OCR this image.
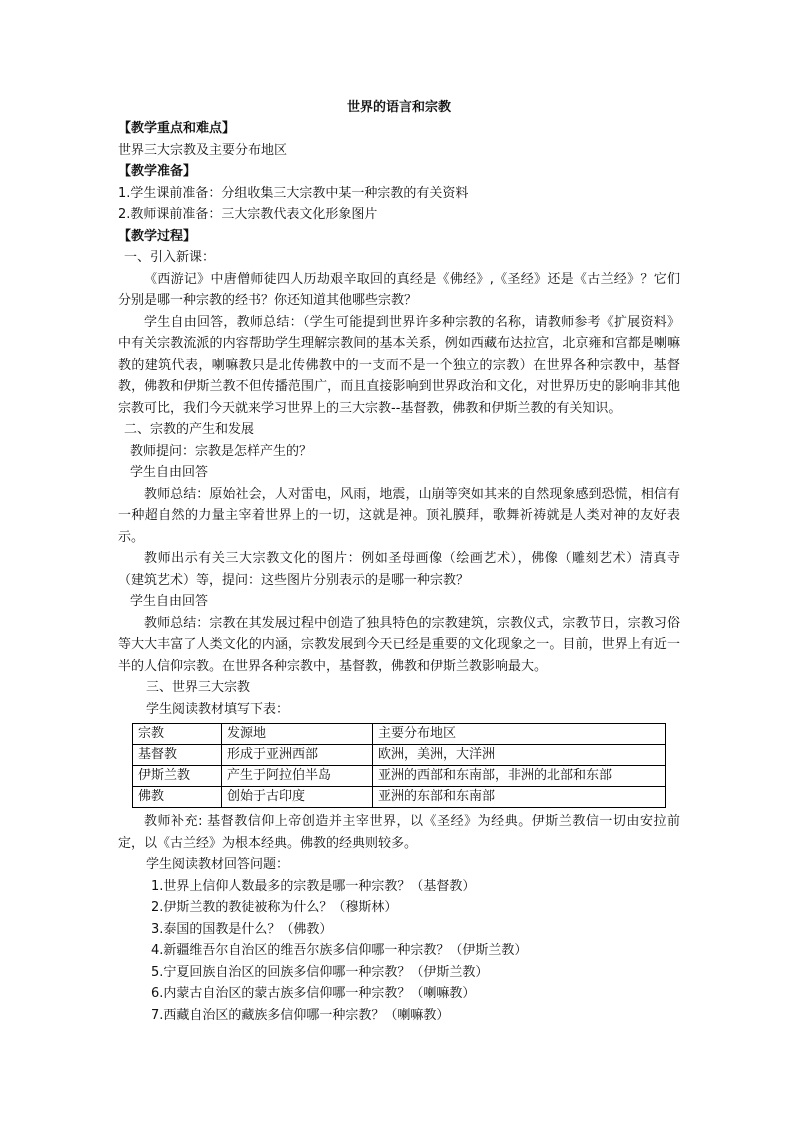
世界的语言和宗教
【教学重点和难点】
世界三大宗教及主要分布地区
【教学准备】
1.学生课前准备：分组收集三大宗教中某一种宗教的有关资料
2.教师课前准备：三大宗教代表文化形象图片
【教学过程】
一、引入新课：
《西游记》中唐僧师徒四人历劫艰辛取回的真经是《佛经》,《圣经》还是《古兰经》？它们分别是哪一种宗教的经书？你还知道其他哪些宗教？
学生自由回答，教师总结：（学生可能提到世界许多种宗教的名称，请教师参考《扩展资料》中有关宗教流派的内容帮助学生理解宗教间的基本关系，例如西藏布达拉宫，北京雍和宫都是喇嘛教的建筑代表，喇嘛教只是北传佛教中的一支而不是一个独立的宗教）在世界各种宗教中，基督教，佛教和伊斯兰教不但传播范围广，而且直接影响到世界政治和文化，对世界历史的影响非其他宗教可比，我们今天就来学习世界上的三大宗教--基督教，佛教和伊斯兰教的有关知识。
二、宗教的产生和发展
教师提问：宗教是怎样产生的？
学生自由回答
教师总结：原始社会，人对雷电，风雨，地震，山崩等突如其来的自然现象感到恐慌，相信有一种超自然的力量主宰着世界上的一切，这就是神。顶礼膜拜，歌舞祈祷就是人类对神的友好表示。
教师出示有关三大宗教文化的图片：例如圣母画像（绘画艺术），佛像（雕刻艺术）清真寺（建筑艺术）等，提问：这些图片分别表示的是哪一种宗教？
学生自由回答
教师总结：宗教在其发展过程中创造了独具特色的宗教建筑，宗教仪式，宗教节日，宗教习俗等大大丰富了人类文化的内涵，宗教发展到今天已经是重要的文化现象之一。目前，世界上有近一半的人信仰宗教。在世界各种宗教中，基督教，佛教和伊斯兰教影响最大。
三、世界三大宗教
学生阅读教材填写下表：
宗教	发源地	主要分布地区
基督教	形成于亚洲西部	欧洲，美洲，大洋洲
伊斯兰教	产生于阿拉伯半岛	亚洲的西部和东南部，非洲的北部和东部
佛教	创始于古印度	亚洲的东部和东南部
教师补充: 基督教信仰上帝创造并主宰世界，以《圣经》为经典。伊斯兰教信一切由安拉前定，以《古兰经》为根本经典。佛教的经典则较多。
学生阅读教材回答问题：
1.世界上信仰人数最多的宗教是哪一种宗教？（基督教）
2.伊斯兰教的教徒被称为什么？（穆斯林）
3.泰国的国教是什么？（佛教）
4.新疆维吾尔自治区的维吾尔族多信仰哪一种宗教？（伊斯兰教）
5.宁夏回族自治区的回族多信仰哪一种宗教？（伊斯兰教）
6.内蒙古自治区的蒙古族多信仰哪一种宗教？（喇嘛教）
7.西藏自治区的藏族多信仰哪一种宗教？（喇嘛教）
